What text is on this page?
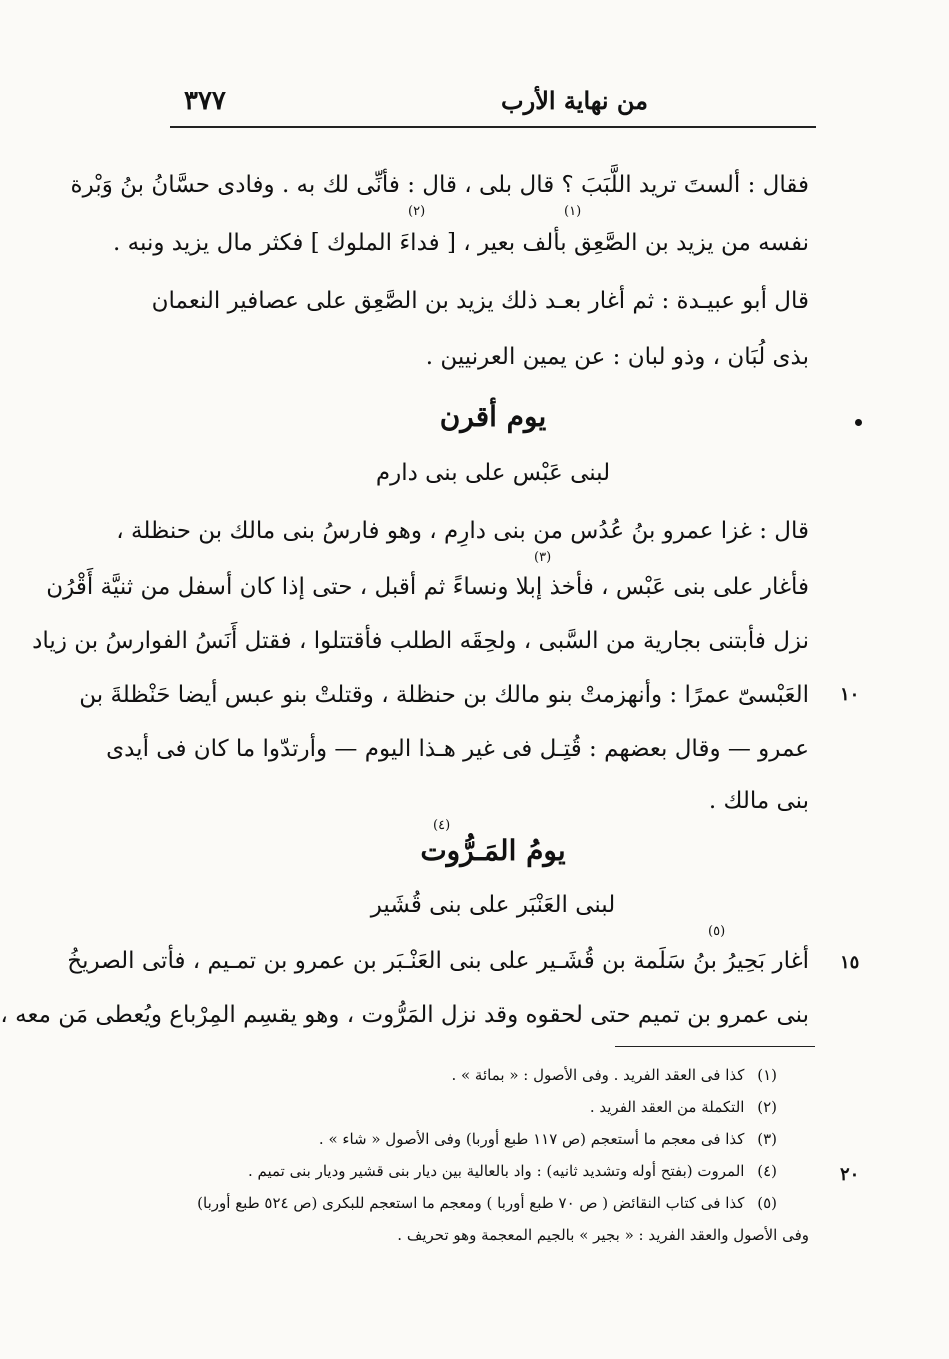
من نهاية الأرب
٣٧٧
فقال : ألستَ تريد اللَّبَبَ ؟ قال بلى ، قال : فأنِّى لك به . وفادى حسَّانُ بنُ وَبْرة
(١)
(٢)
نفسه من يزيد بن الصَّعِق بألف بعير ، [ فداءَ الملوك ] فكثر مال يزيد ونبه .
قال أبو عبيـدة : ثم أغار بعـد ذلك يزيد بن الصَّعِق على عصافير النعمان
بذى لُبَان ، وذو لبان : عن يمين العرنيين .
يوم أقرن
لبنى عَبْس على بنى دارم
قال : غزا عمرو بنُ عُدُس من بنى دارِم ، وهو فارسُ بنى مالك بن حنظلة ،
(٣)
فأغار على بنى عَبْس ، فأخذ إبلا ونساءً ثم أقبل ، حتى إذا كان أسفل من ثنيَّة أَقْرُن
نزل فأبتنى بجارية من السَّبى ، ولحِقَه الطلب فأقتتلوا ، فقتل أَنَسُ الفوارسُ بن زياد
العَبْسىّ عمرًا : وأنهزمتْ بنو مالك بن حنظلة ، وقتلتْ بنو عبس أيضا حَنْظلةَ بن ١٠
عمرو — وقال بعضهم : قُتِـل فى غير هـذا اليوم — وأرتدّوا ما كان فى أيدى
بنى مالك .
(٤)
يومُ المَـرُّوت
لبنى العَنْبَر على بنى قُشَير
(٥)
أغار بَحِيرُ بنُ سَلَمة بن قُشَـير على بنى العَنْـبَر بن عمرو بن تمـيم ، فأتى الصريخُ ١٥
بنى عمرو بن تميم حتى لحقوه وقد نزل المَرُّوت ، وهو يقسِم المِرْباع ويُعطى مَن معه ،
(١) كذا فى العقد الفريد . وفى الأصول : « بمائة » .
(٢) التكملة من العقد الفريد .
(٣) كذا فى معجم ما أستعجم (ص ١١٧ طبع أوربا) وفى الأصول « شاء » .
(٤) المروت (بفتح أوله وتشديد ثانيه) : واد بالعالية بين ديار بنى قشير وديار بنى تميم .	٢٠
(٥) كذا فى كتاب النقائض ( ص ٧٠ طبع أوربا ) ومعجم ما استعجم للبكرى (ص ٥٢٤ طبع أوربا)
وفى الأصول والعقد الفريد : « بجير » بالجيم المعجمة وهو تحريف .
